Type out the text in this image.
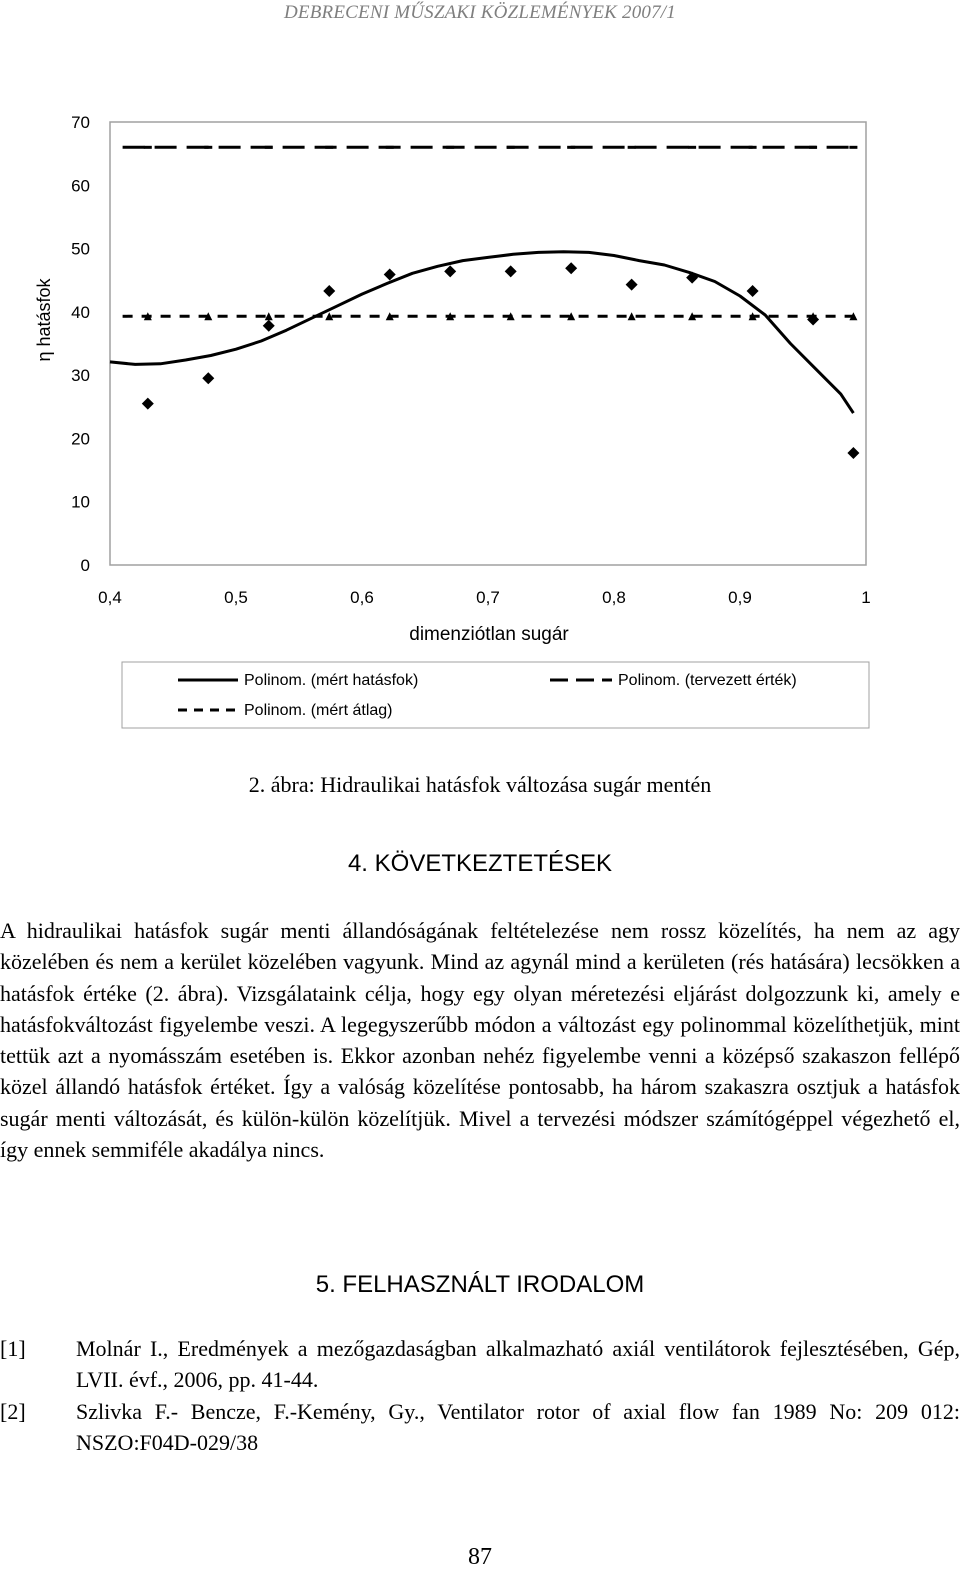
DEBRECENI MŰSZAKI KÖZLEMÉNYEK 2007/1
0,4	0,5	0,6	0,7	0,8	0,9	1
0
10
20
30
40
50
60
70
η hatásfok
dimenziótlan sugár
Polinom. (mért hatásfok)	Polinom. (tervezett érték)
Polinom. (mért átlag)
2. ábra: Hidraulikai hatásfok változása sugár mentén
4. KÖVETKEZTETÉSEK

A hidraulikai hatásfok sugár menti állandóságának feltételezése nem rossz közelítés, ha nem az agy közelében és nem a kerület közelében vagyunk. Mind az agynál mind a kerületen (rés hatására) lecsökken a hatásfok értéke (2. ábra). Vizsgálataink célja, hogy egy olyan méretezési eljárást dolgozzunk ki, amely e hatásfokváltozást figyelembe veszi. A legegyszerűbb módon a változást egy polinommal közelíthetjük, mint tettük azt a nyomásszám esetében is. Ekkor azonban nehéz figyelembe venni a középső szakaszon fellépő közel állandó hatásfok értéket. Így a valóság közelítése pontosabb, ha három szakaszra osztjuk a hatásfok sugár menti változását, és külön-külön közelítjük. Mivel a tervezési módszer számítógéppel végezhető el, így ennek semmiféle akadálya nincs.

5. FELHASZNÁLT IRODALOM
[1] Molnár I., Eredmények a mezőgazdaságban alkalmazható axiál ventilátorok fejlesztésében, Gép, LVII. évf., 2006, pp. 41-44.
[2] Szlivka F.- Bencze, F.-Kemény, Gy., Ventilator rotor of axial flow fan 1989 No: 209 012: NSZO:F04D-029/38
87
